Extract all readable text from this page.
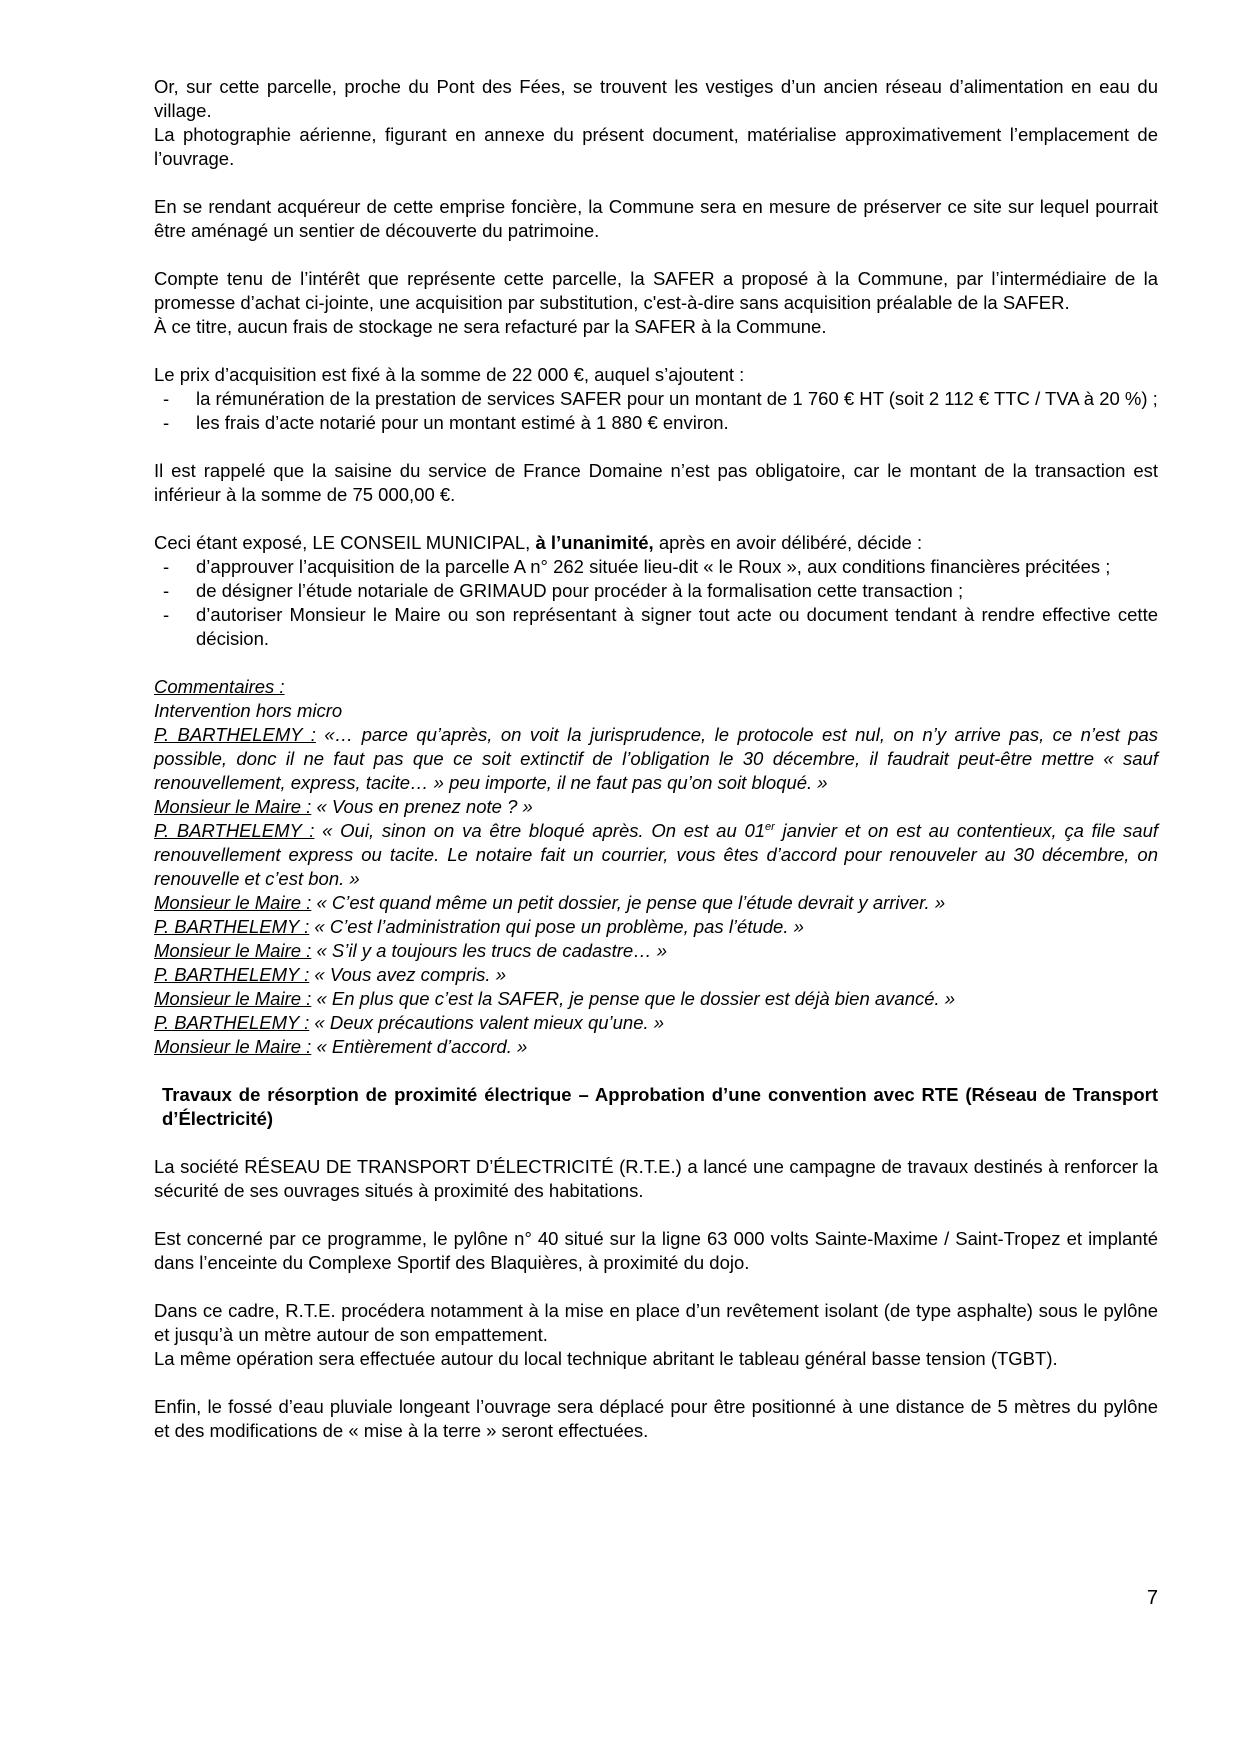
Or, sur cette parcelle, proche du Pont des Fées, se trouvent les vestiges d’un ancien réseau d’alimentation en eau du village.

La photographie aérienne, figurant en annexe du présent document, matérialise approximativement l’emplacement de l’ouvrage.

En se rendant acquéreur de cette emprise foncière, la Commune sera en mesure de préserver ce site sur lequel pourrait être aménagé un sentier de découverte du patrimoine.

Compte tenu de l’intérêt que représente cette parcelle, la SAFER a proposé à la Commune, par l’intermédiaire de la promesse d’achat ci-jointe, une acquisition par substitution, c'est-à-dire sans acquisition préalable de la SAFER.

À ce titre, aucun frais de stockage ne sera refacturé par la SAFER à la Commune.

Le prix d’acquisition est fixé à la somme de 22 000 €, auquel s’ajoutent :

- la rémunération de la prestation de services SAFER pour un montant de 1 760 € HT (soit 2 112 € TTC / TVA à 20 %) ;
- les frais d’acte notarié pour un montant estimé à 1 880 € environ.

Il est rappelé que la saisine du service de France Domaine n’est pas obligatoire, car le montant de la transaction est inférieur à la somme de 75 000,00 €.

Ceci étant exposé, LE CONSEIL MUNICIPAL, à l’unanimité, après en avoir délibéré, décide :

- d’approuver l’acquisition de la parcelle A n° 262 située lieu-dit « le Roux », aux conditions financières précitées ;
- de désigner l’étude notariale de GRIMAUD pour procéder à la formalisation cette transaction ;
- d’autoriser Monsieur le Maire ou son représentant à signer tout acte ou document tendant à rendre effective cette décision.

Commentaires :

Intervention hors micro

P. BARTHELEMY : «… parce qu’après, on voit la jurisprudence, le protocole est nul, on n’y arrive pas, ce n’est pas possible, donc il ne faut pas que ce soit extinctif de l’obligation le 30 décembre, il faudrait peut-être mettre « sauf renouvellement, express, tacite… » peu importe, il ne faut pas qu’on soit bloqué. »

Monsieur le Maire : « Vous en prenez note ? »

P. BARTHELEMY : « Oui, sinon on va être bloqué après. On est au 01er janvier et on est au contentieux, ça file sauf renouvellement express ou tacite. Le notaire fait un courrier, vous êtes d’accord pour renouveler au 30 décembre, on renouvelle et c’est bon. »

Monsieur le Maire : « C’est quand même un petit dossier, je pense que l’étude devrait y arriver. »

P. BARTHELEMY : « C’est l’administration qui pose un problème, pas l’étude. »

Monsieur le Maire : « S’il y a toujours les trucs de cadastre… »

P. BARTHELEMY : « Vous avez compris. »

Monsieur le Maire : « En plus que c’est la SAFER, je pense que le dossier est déjà bien avancé. »

P. BARTHELEMY : « Deux précautions valent mieux qu’une. »

Monsieur le Maire : « Entièrement d’accord. »

Travaux de résorption de proximité électrique – Approbation d’une convention avec RTE (Réseau de Transport d’Électricité)

La société RÉSEAU DE TRANSPORT D’ÉLECTRICITÉ (R.T.E.) a lancé une campagne de travaux destinés à renforcer la sécurité de ses ouvrages situés à proximité des habitations.

Est concerné par ce programme, le pylône n° 40 situé sur la ligne 63 000 volts Sainte-Maxime / Saint-Tropez et implanté dans l’enceinte du Complexe Sportif des Blaquières, à proximité du dojo.

Dans ce cadre, R.T.E. procédera notamment à la mise en place d’un revêtement isolant (de type asphalte) sous le pylône et jusqu’à un mètre autour de son empattement.

La même opération sera effectuée autour du local technique abritant le tableau général basse tension (TGBT).

Enfin, le fossé d’eau pluviale longeant l’ouvrage sera déplacé pour être positionné à une distance de 5 mètres du pylône et des modifications de « mise à la terre » seront effectuées.

7
